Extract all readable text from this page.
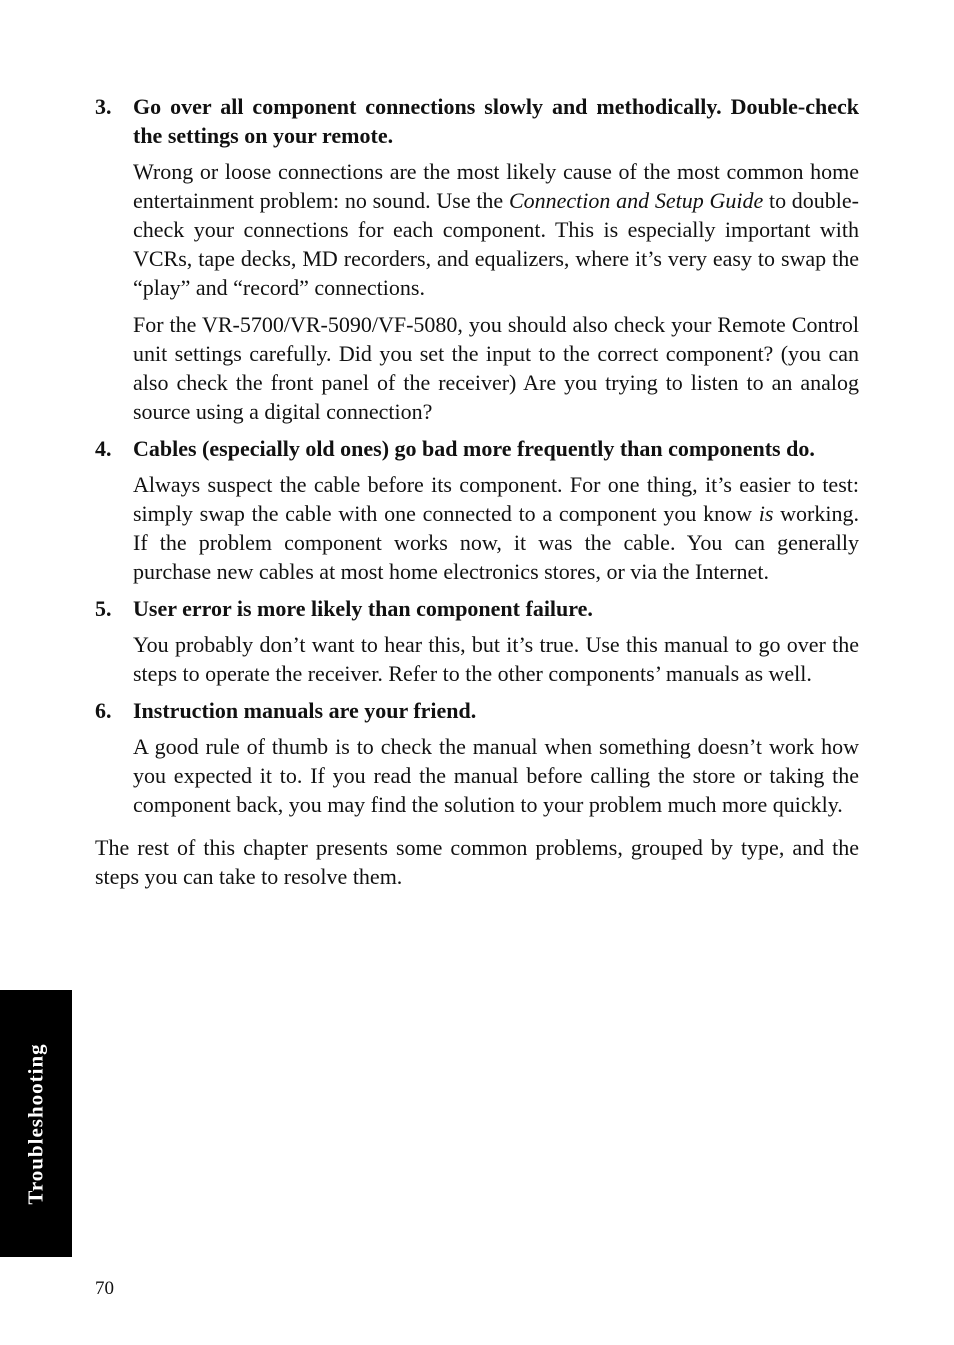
3. Go over all component connections slowly and methodically. Double-check the settings on your remote.

Wrong or loose connections are the most likely cause of the most common home entertainment problem: no sound. Use the Connection and Setup Guide to double-check your connections for each component. This is especially important with VCRs, tape decks, MD recorders, and equalizers, where it’s very easy to swap the “play” and “record” connections.

For the VR-5700/VR-5090/VF-5080, you should also check your Remote Control unit settings carefully. Did you set the input to the correct component? (you can also check the front panel of the receiver) Are you trying to listen to an analog source using a digital connection?

4. Cables (especially old ones) go bad more frequently than components do.

Always suspect the cable before its component. For one thing, it’s easier to test: simply swap the cable with one connected to a component you know is working. If the problem component works now, it was the cable. You can generally purchase new cables at most home electronics stores, or via the Internet.

5. User error is more likely than component failure.

You probably don’t want to hear this, but it’s true. Use this manual to go over the steps to operate the receiver. Refer to the other components’ manuals as well.

6. Instruction manuals are your friend.

A good rule of thumb is to check the manual when something doesn’t work how you expected it to. If you read the manual before calling the store or taking the component back, you may find the solution to your problem much more quickly.

The rest of this chapter presents some common problems, grouped by type, and the steps you can take to resolve them.

Troubleshooting
70
